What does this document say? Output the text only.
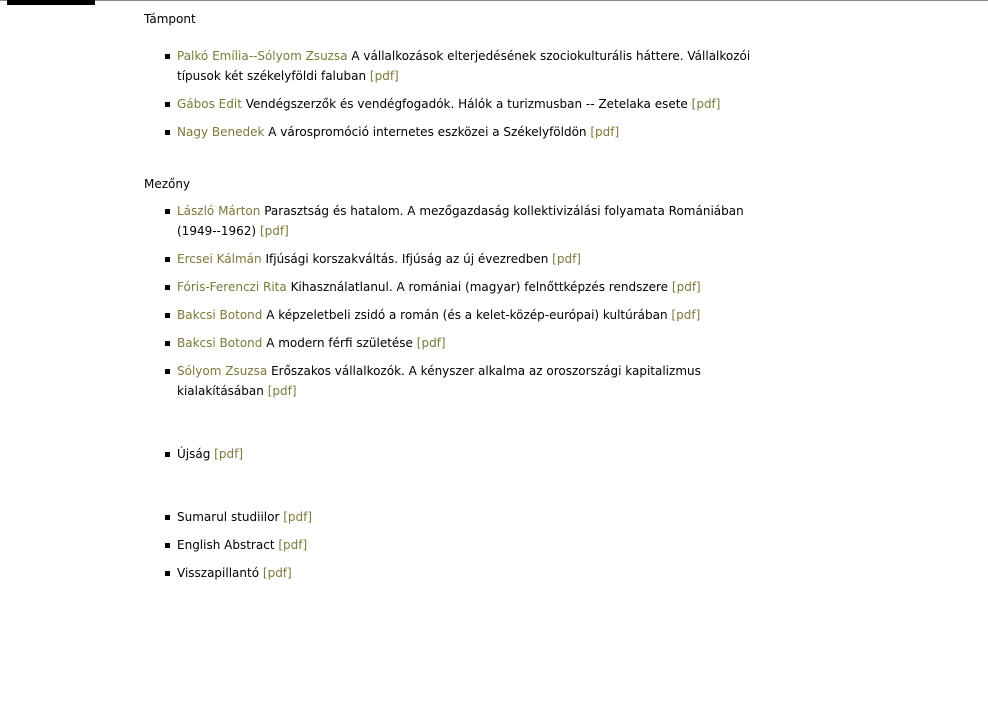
Támpont

Palkó Emília--Sólyom Zsuzsa A vállalkozások elterjedésének szociokulturális háttere. Vállalkozói típusok két székelyföldi faluban [pdf]
Gábos Edit Vendégszerzők és vendégfogadók. Hálók a turizmusban -- Zetelaka esete [pdf]
Nagy Benedek A várospromóció internetes eszközei a Székelyföldön [pdf]

Mezőny

László Márton Parasztság és hatalom. A mezőgazdaság kollektivizálási folyamata Romániában (1949--1962) [pdf]
Ercsei Kálmán Ifjúsági korszakváltás. Ifjúság az új évezredben [pdf]
Fóris-Ferenczi Rita Kihasználatlanul. A romániai (magyar) felnőttképzés rendszere [pdf]
Bakcsi Botond A képzeletbeli zsidó a román (és a kelet-közép-európai) kultúrában [pdf]
Bakcsi Botond A modern férfi születése [pdf]
Sólyom Zsuzsa Erőszakos vállalkozók. A kényszer alkalma az oroszországi kapitalizmus kialakításában [pdf]
Újság [pdf]
Sumarul studiilor [pdf]
English Abstract [pdf]
Visszapillantó [pdf]
